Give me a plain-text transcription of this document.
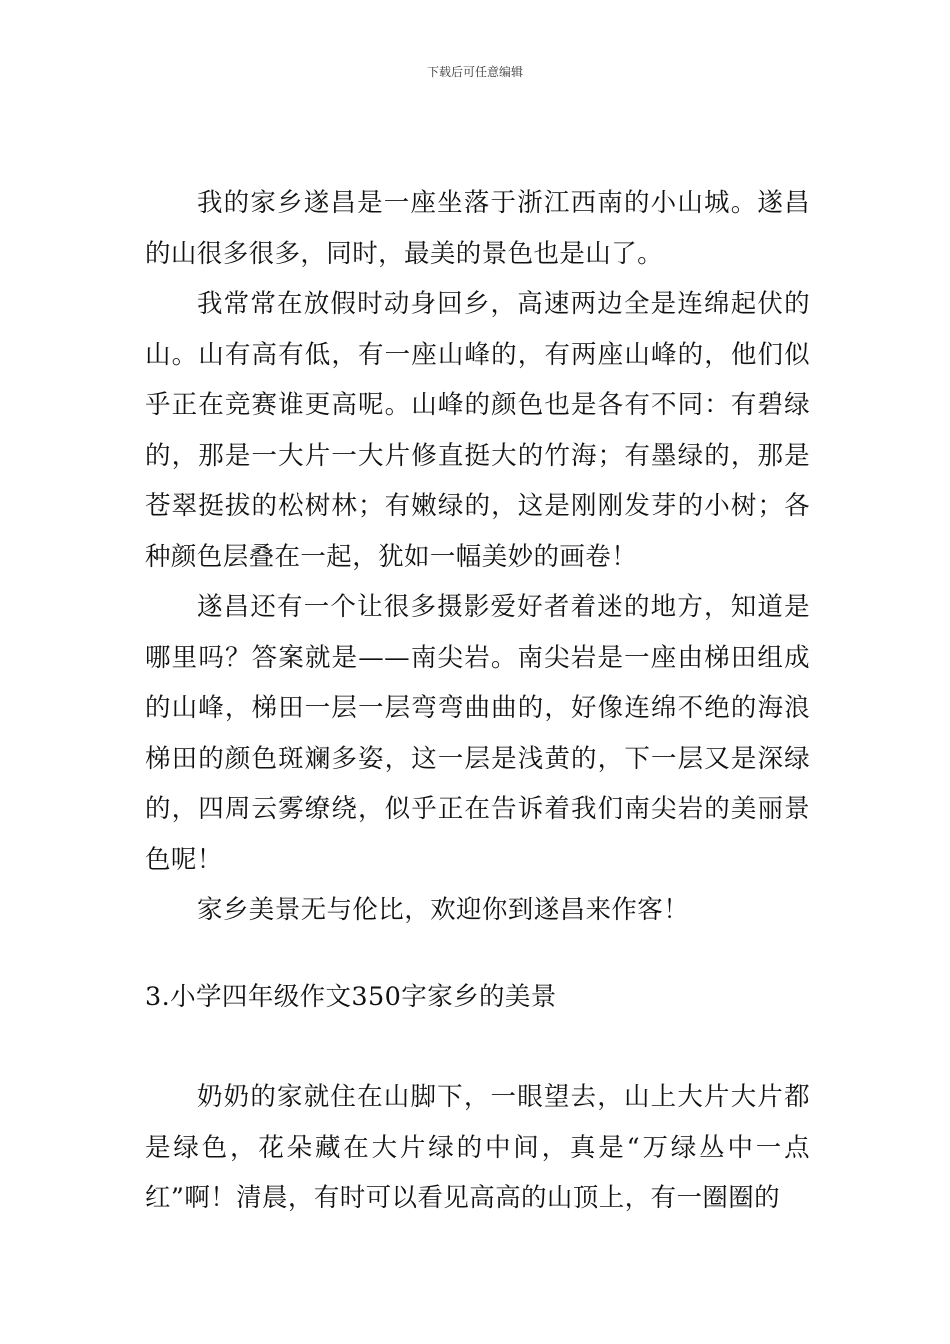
下载后可任意编辑

我的家乡遂昌是一座坐落于浙江西南的小山城。遂昌的山很多很多，同时，最美的景色也是山了。

我常常在放假时动身回乡，高速两边全是连绵起伏的山。山有高有低，有一座山峰的，有两座山峰的，他们似乎正在竞赛谁更高呢。山峰的颜色也是各有不同：有碧绿的，那是一大片一大片修直挺大的竹海；有墨绿的，那是苍翠挺拔的松树林；有嫩绿的，这是刚刚发芽的小树；各种颜色层叠在一起，犹如一幅美妙的画卷！

遂昌还有一个让很多摄影爱好者着迷的地方，知道是哪里吗？答案就是——南尖岩。南尖岩是一座由梯田组成的山峰，梯田一层一层弯弯曲曲的，好像连绵不绝的海浪梯田的颜色斑斓多姿，这一层是浅黄的，下一层又是深绿的，四周云雾缭绕，似乎正在告诉着我们南尖岩的美丽景色呢！

家乡美景无与伦比，欢迎你到遂昌来作客！

3.小学四年级作文350字家乡的美景

奶奶的家就住在山脚下，一眼望去，山上大片大片都是绿色，花朵藏在大片绿的中间，真是“万绿丛中一点红”啊！清晨，有时可以看见高高的山顶上，有一圈圈的
